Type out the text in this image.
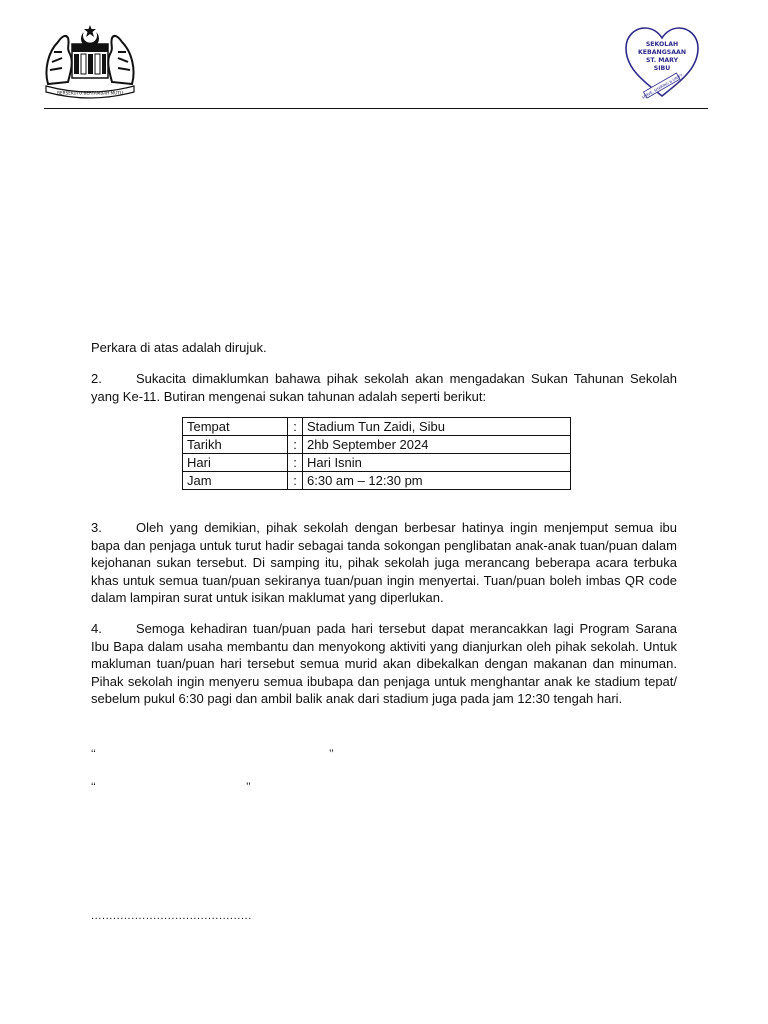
BERSEKUTU BERTAMBAH MUTU
SEKOLAH
KEBANGSAAN
ST. MARY
SIBU
SERVE, SHARING & UNITY

Perkara di atas adalah dirujuk.

2.	Sukacita dimaklumkan bahawa pihak sekolah akan mengadakan Sukan Tahunan Sekolah yang Ke-11. Butiran mengenai sukan tahunan adalah seperti berikut:

Tempat	:	Stadium Tun Zaidi, Sibu
Tarikh	:	2hb September 2024
Hari	:	Hari Isnin
Jam	:	6:30 am – 12:30 pm

3.	Oleh yang demikian, pihak sekolah dengan berbesar hatinya ingin menjemput semua ibu bapa dan penjaga untuk turut hadir sebagai tanda sokongan penglibatan anak-anak tuan/puan dalam kejohanan sukan tersebut. Di samping itu, pihak sekolah juga merancang beberapa acara terbuka khas untuk semua tuan/puan sekiranya tuan/puan ingin menyertai. Tuan/puan boleh imbas QR code dalam lampiran surat untuk isikan maklumat yang diperlukan.

4.	Semoga kehadiran tuan/puan pada hari tersebut dapat merancakkan lagi Program Sarana Ibu Bapa dalam usaha membantu dan menyokong aktiviti yang dianjurkan oleh pihak sekolah. Untuk makluman tuan/puan hari tersebut semua murid akan dibekalkan dengan makanan dan minuman. Pihak sekolah ingin menyeru semua ibubapa dan penjaga untuk menghantar anak ke stadium tepat/ sebelum pukul 6:30 pagi dan ambil balik anak dari stadium juga pada jam 12:30 tengah hari.

‘‘	’’
‘‘	’’
............................................
